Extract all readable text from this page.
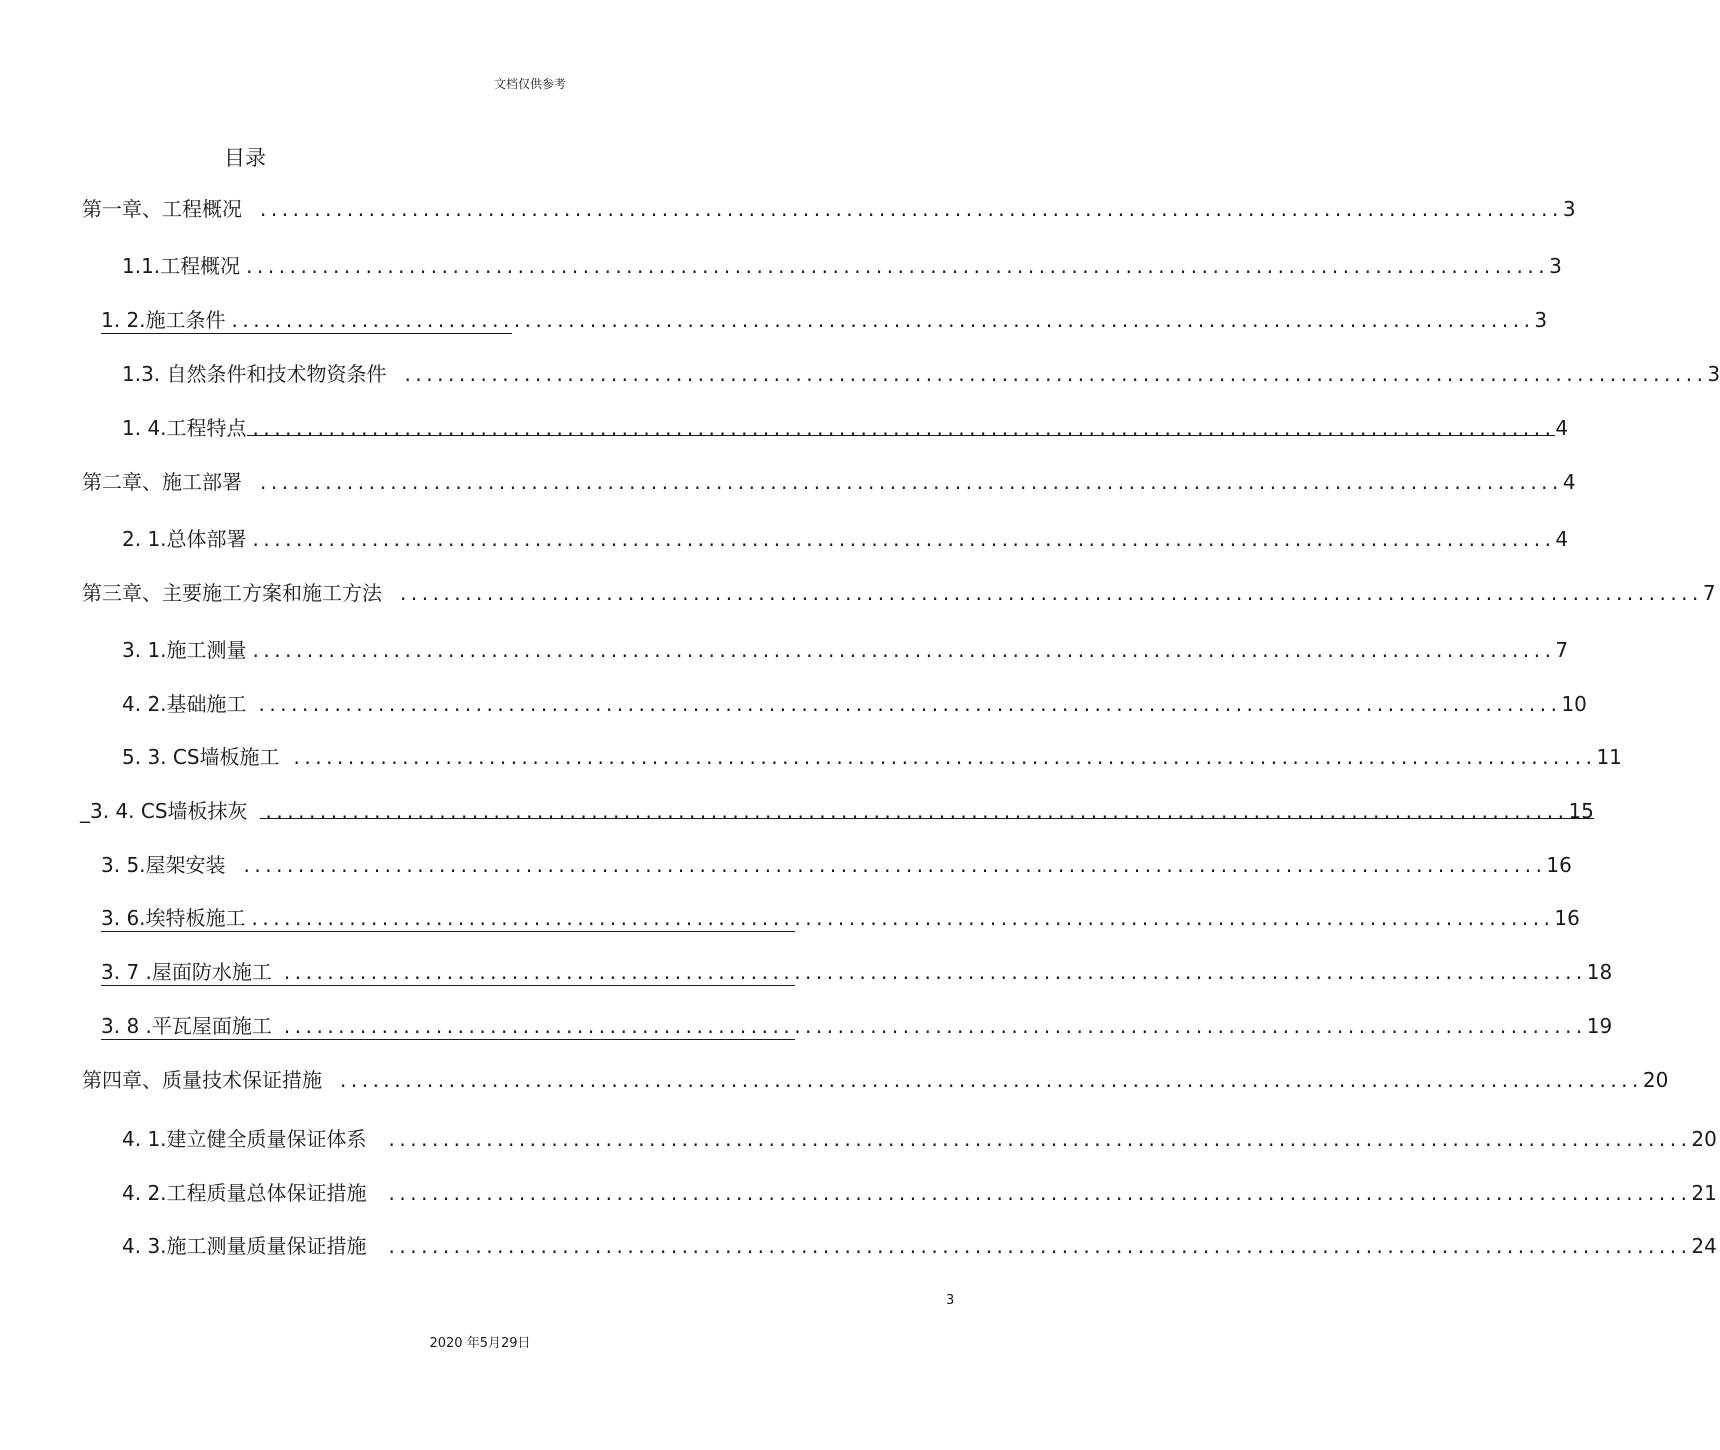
文档仅供参考
目录
第一章、工程概况 ........................................................................................................................ 3
1.1.工程概况 ........................................................................................................................ 3
1. 2.施工条件 ........................................................................................................................ 3
1.3. 自然条件和技术物资条件 ........................................................................................................................ 3
1. 4.工程特点 ........................................................................................................................ 4
第二章、施工部署 ........................................................................................................................ 4
2. 1.总体部署 ........................................................................................................................ 4
第三章、主要施工方案和施工方法 ........................................................................................................................ 7
3. 1.施工测量 ........................................................................................................................ 7
4. 2.基础施工 ........................................................................................................................ 10
5. 3. CS墙板施工 ........................................................................................................................ 11
_3. 4. CS墙板抹灰 ........................................................................................................................ 15
3. 5.屋架安装 ........................................................................................................................ 16
3. 6.埃特板施工 ........................................................................................................................ 16
3. 7 .屋面防水施工 ........................................................................................................................ 18
3. 8 .平瓦屋面施工 ........................................................................................................................ 19
第四章、质量技术保证措施 ........................................................................................................................ 20
4. 1.建立健全质量保证体系	........................................................................................................................ 20
4. 2.工程质量总体保证措施	........................................................................................................................ 21
4. 3.施工测量质量保证措施	........................................................................................................................ 24
3
2020 年5月29日
